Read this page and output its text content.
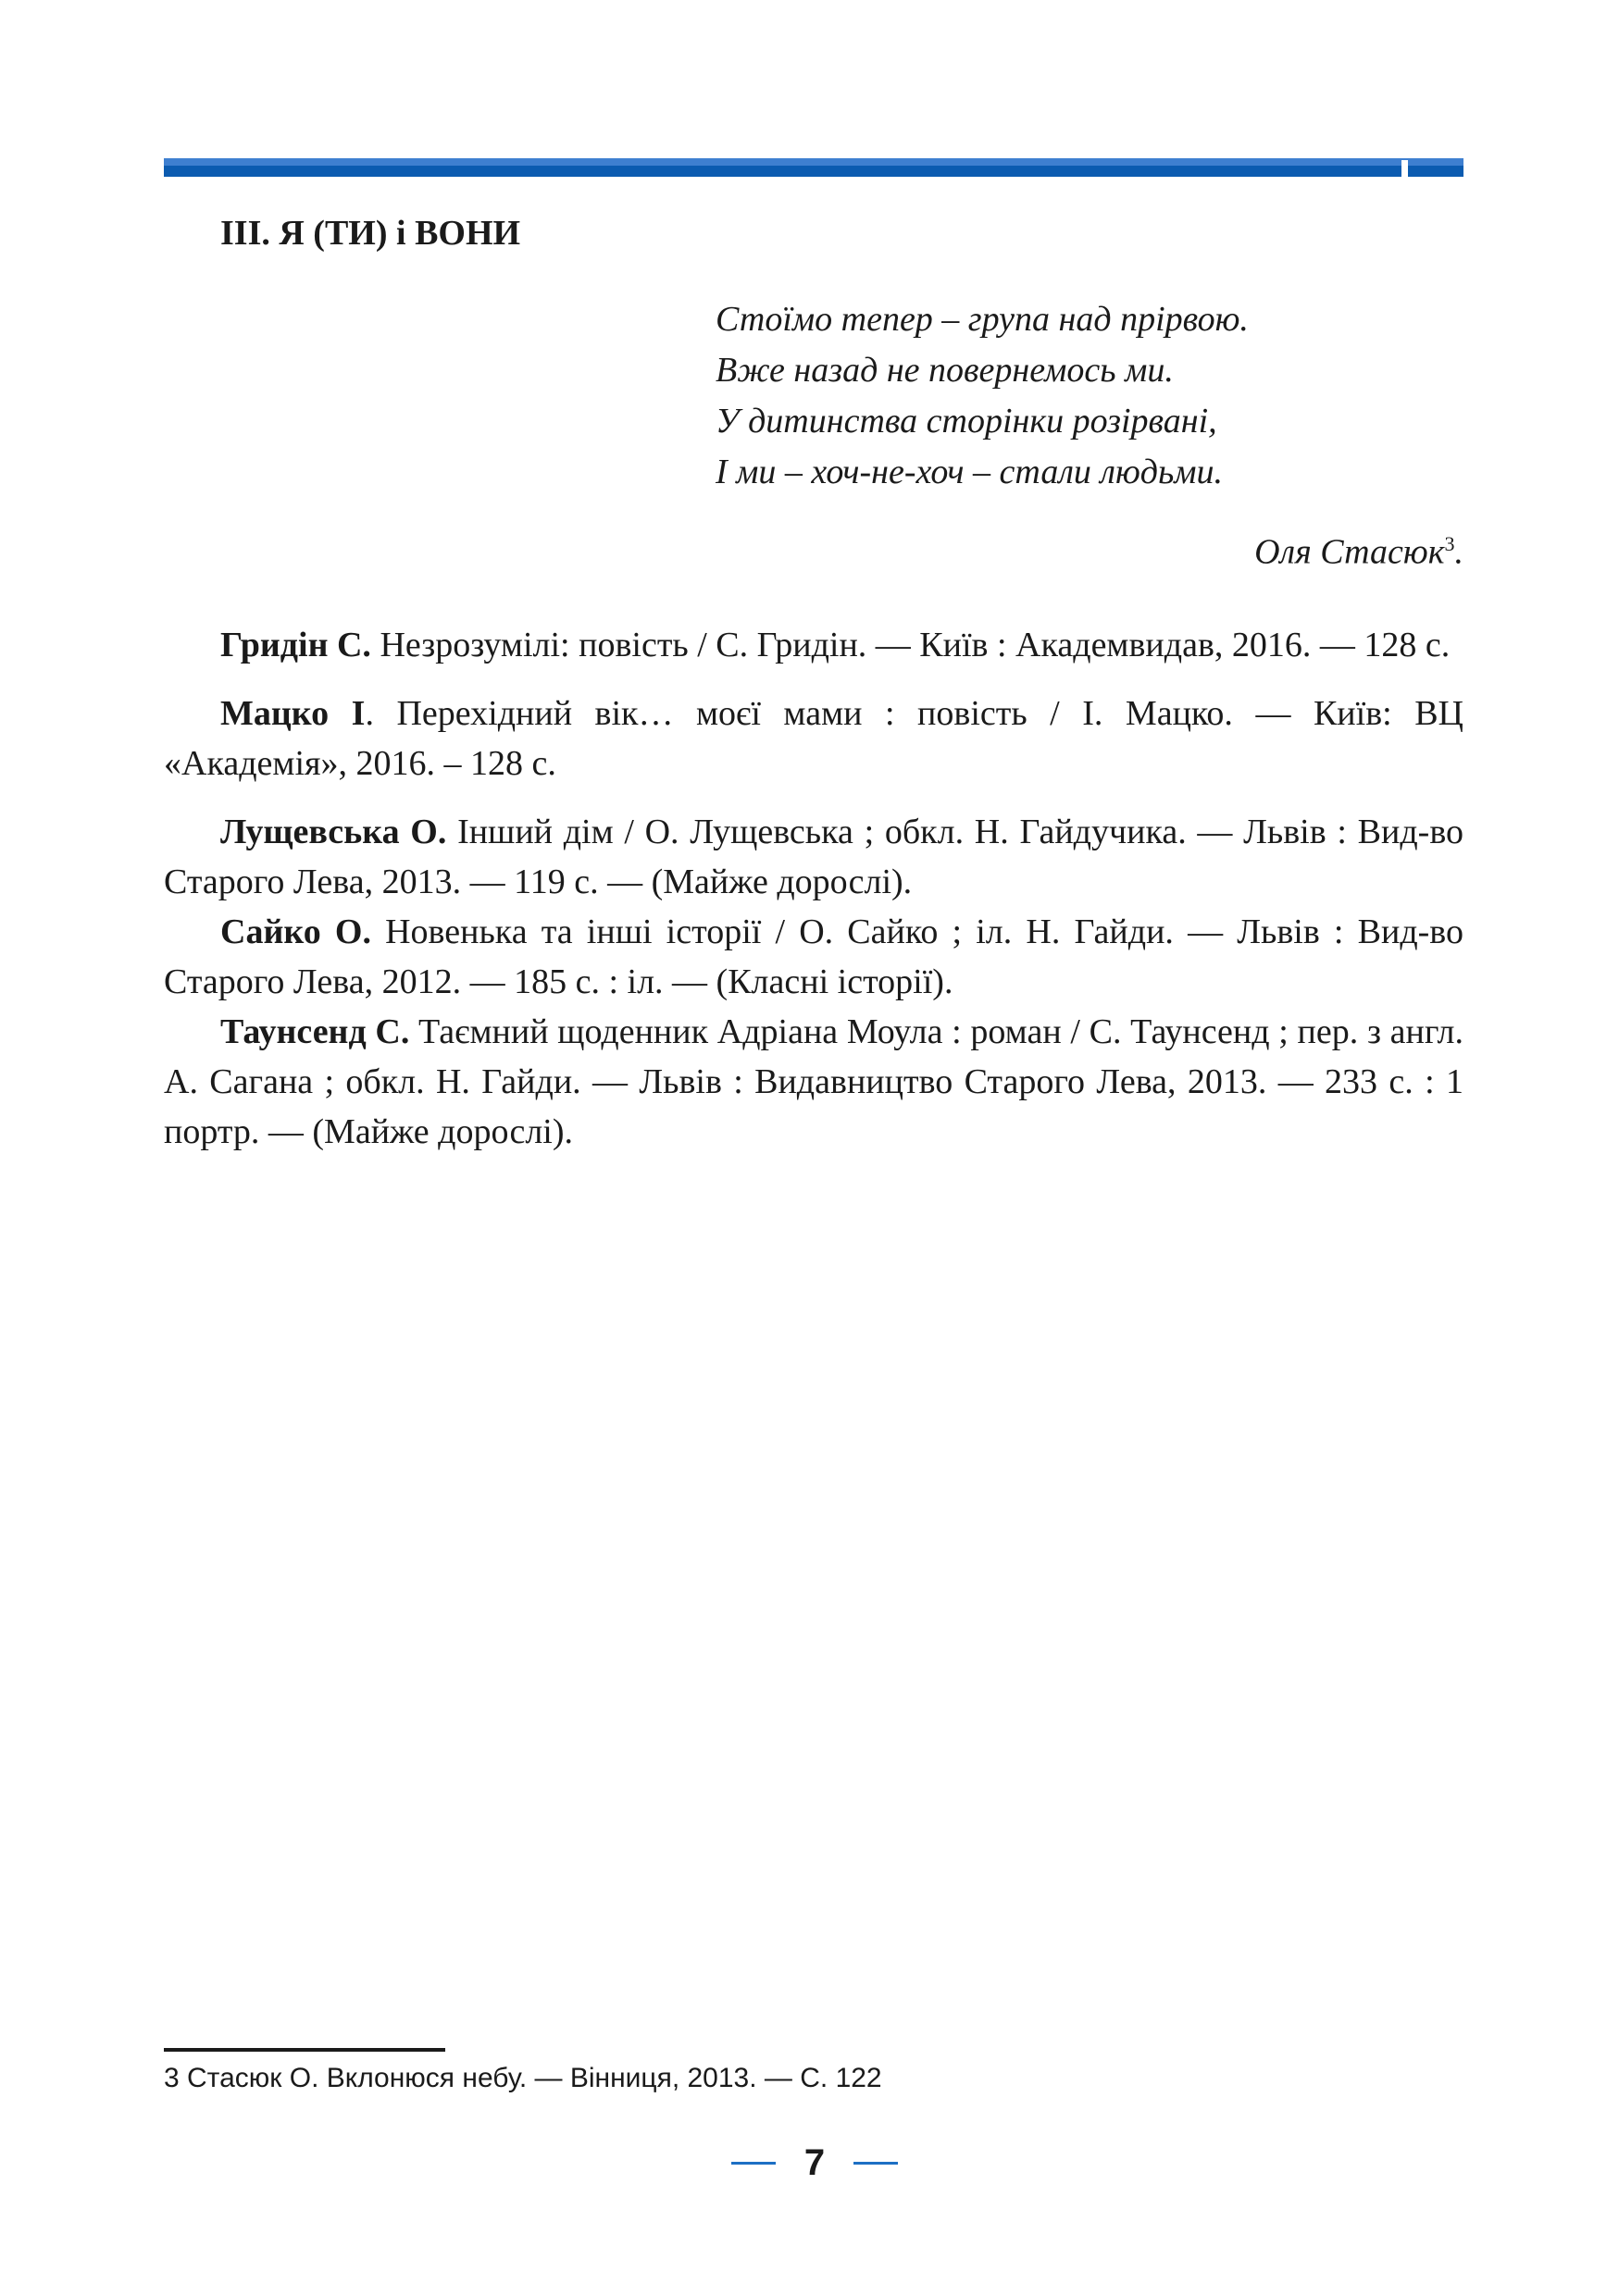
ІІІ. Я (ТИ) і ВОНИ
Стоїмо тепер – група над прірвою.
Вже назад не повернемось ми.
У дитинства сторінки розірвані,
І ми – хоч-не-хоч – стали людьми.
Оля Стасюк$^3$.

Гридін С. Незрозумілі: повість / С. Гридін. — Київ : Академвидав, 2016. — 128 с.

Мацко І. Перехідний вік… моєї мами : повість / І. Мацко. — Київ: ВЦ «Академія», 2016. – 128 с.

Лущевська О. Інший дім / О. Лущевська ; обкл. Н. Гайдучика. — Львів : Вид-во Старого Лева, 2013. — 119 с. — (Майже дорослі).

Сайко О. Новенька та інші історії / О. Сайко ; іл. Н. Гайди. — Львів : Вид-во Старого Лева, 2012. — 185 с. : іл. — (Класні історії).

Таунсенд С. Таємний щоденник Адріана Моула : роман / С. Таунсенд ; пер. з англ. А. Сагана ; обкл. Н. Гайди. — Львів : Видавництво Старого Лева, 2013. — 233 с. : 1 портр. — (Майже дорослі).

3 Стасюк О. Вклонюся небу. — Вінниця, 2013. — С. 122
7
